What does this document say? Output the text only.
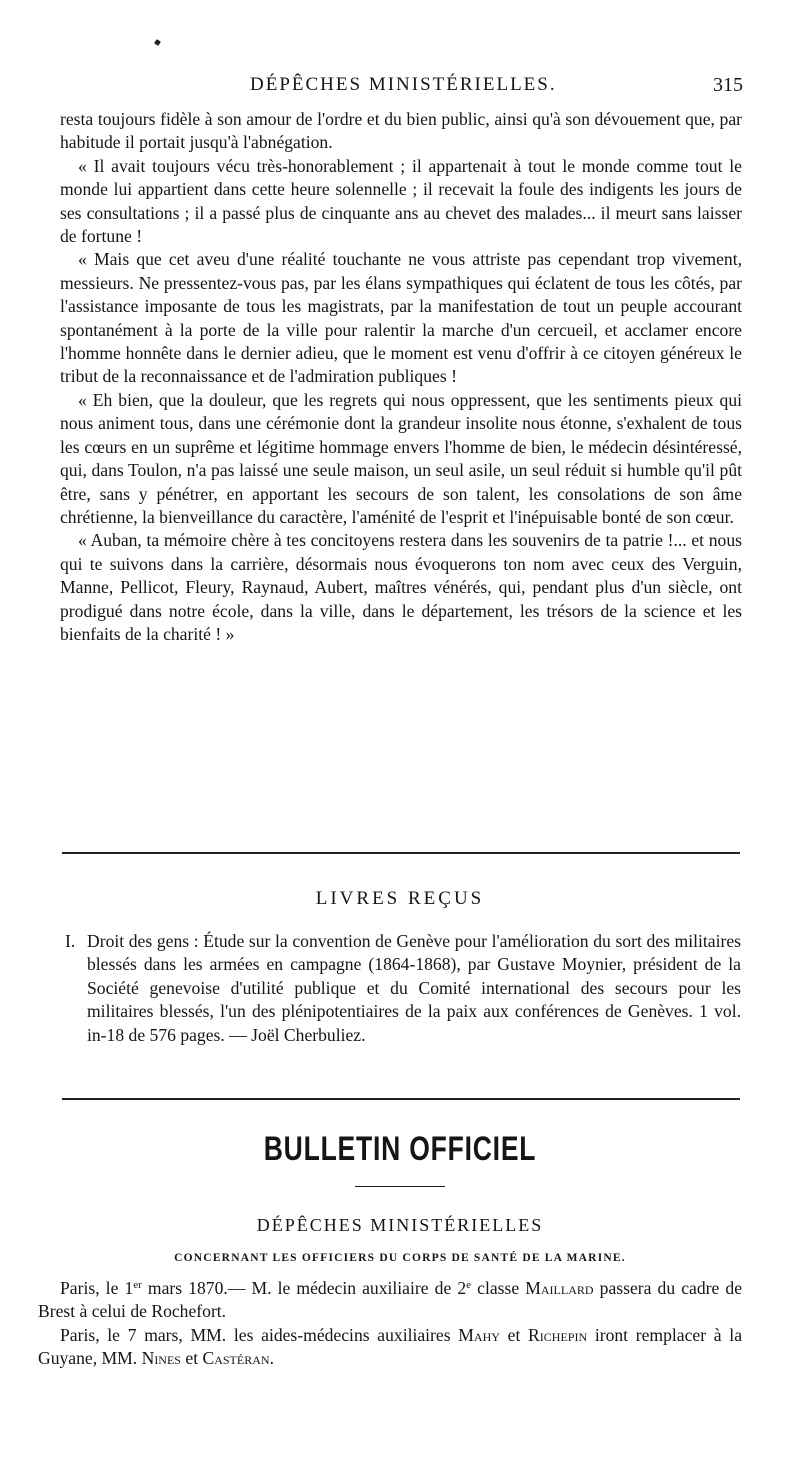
DÉPÊCHES MINISTÉRIELLES.	315

resta toujours fidèle à son amour de l'ordre et du bien public, ainsi qu'à son dévouement que, par habitude il portait jusqu'à l'abnégation.

« Il avait toujours vécu très-honorablement ; il appartenait à tout le monde comme tout le monde lui appartient dans cette heure solennelle ; il recevait la foule des indigents les jours de ses consultations ; il a passé plus de cinquante ans au chevet des malades... il meurt sans laisser de fortune !

« Mais que cet aveu d'une réalité touchante ne vous attriste pas cependant trop vivement, messieurs. Ne pressentez-vous pas, par les élans sympathiques qui éclatent de tous les côtés, par l'assistance imposante de tous les magistrats, par la manifestation de tout un peuple accourant spontanément à la porte de la ville pour ralentir la marche d'un cercueil, et acclamer encore l'homme honnête dans le dernier adieu, que le moment est venu d'offrir à ce citoyen généreux le tribut de la reconnaissance et de l'admiration publiques !

« Eh bien, que la douleur, que les regrets qui nous oppressent, que les sentiments pieux qui nous animent tous, dans une cérémonie dont la grandeur insolite nous étonne, s'exhalent de tous les cœurs en un suprême et légitime hommage envers l'homme de bien, le médecin désintéressé, qui, dans Toulon, n'a pas laissé une seule maison, un seul asile, un seul réduit si humble qu'il pût être, sans y pénétrer, en apportant les secours de son talent, les consolations de son âme chrétienne, la bienveillance du caractère, l'aménité de l'esprit et l'inépuisable bonté de son cœur.

« Auban, ta mémoire chère à tes concitoyens restera dans les souvenirs de ta patrie !... et nous qui te suivons dans la carrière, désormais nous évoquerons ton nom avec ceux des Verguin, Manne, Pellicot, Fleury, Raynaud, Aubert, maîtres vénérés, qui, pendant plus d'un siècle, ont prodigué dans notre école, dans la ville, dans le département, les trésors de la science et les bienfaits de la charité ! »

LIVRES REÇUS
I. Droit des gens : Étude sur la convention de Genève pour l'amélioration du sort des militaires blessés dans les armées en campagne (1864-1868), par Gustave Moynier, président de la Société genevoise d'utilité publique et du Comité international des secours pour les militaires blessés, l'un des plénipotentiaires de la paix aux conférences de Genèves. 1 vol. in-18 de 576 pages. — Joël Cherbuliez.
BULLETIN OFFICIEL
DÉPÊCHES MINISTÉRIELLES
CONCERNANT LES OFFICIERS DU CORPS DE SANTÉ DE LA MARINE.

Paris, le 1er mars 1870.— M. le médecin auxiliaire de 2e classe Maillard passera du cadre de Brest à celui de Rochefort.

Paris, le 7 mars, MM. les aides-médecins auxiliaires Mahy et Richepin iront remplacer à la Guyane, MM. Nines et Castéran.
